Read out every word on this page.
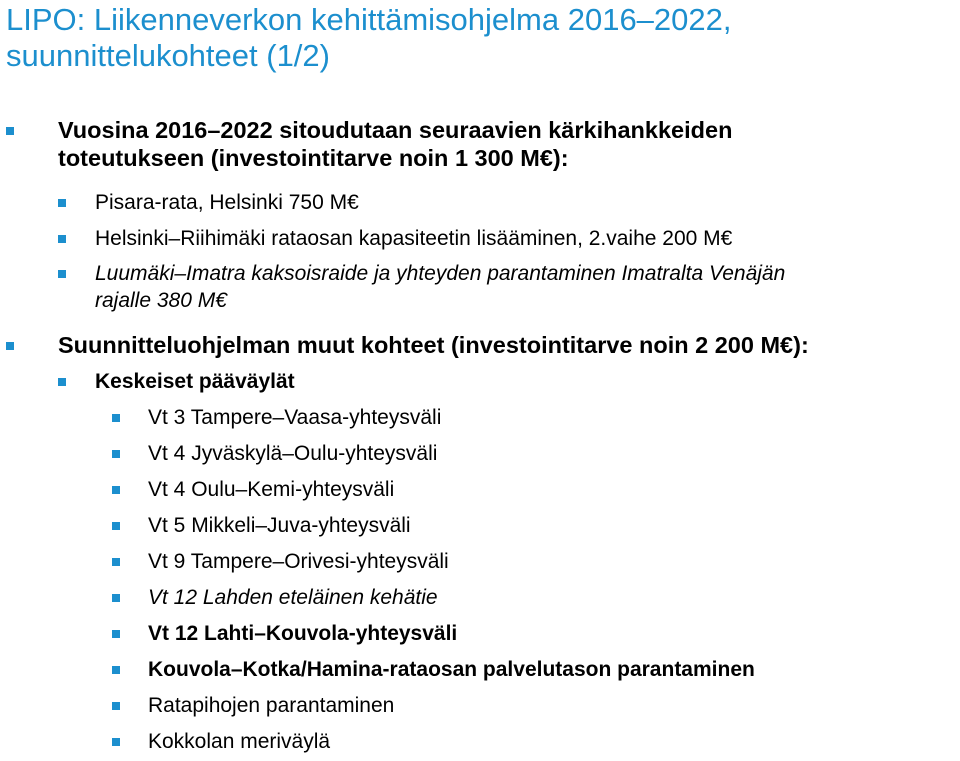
LIPO: Liikenneverkon kehittämisohjelma 2016–2022,
suunnittelukohteet (1/2)
Vuosina 2016–2022 sitoudutaan seuraavien kärkihankkeiden
toteutukseen (investointitarve noin 1 300 M€):
Pisara-rata, Helsinki 750 M€
Helsinki–Riihimäki rataosan kapasiteetin lisääminen, 2.vaihe 200 M€
Luumäki–Imatra kaksoisraide ja yhteyden parantaminen Imatralta Venäjän
rajalle 380 M€
Suunnitteluohjelman muut kohteet (investointitarve noin 2 200 M€):
Keskeiset pääväylät
Vt 3 Tampere–Vaasa-yhteysväli
Vt 4 Jyväskylä–Oulu-yhteysväli
Vt 4 Oulu–Kemi-yhteysväli
Vt 5 Mikkeli–Juva-yhteysväli
Vt 9 Tampere–Orivesi-yhteysväli
Vt 12 Lahden eteläinen kehätie
Vt 12 Lahti–Kouvola-yhteysväli
Kouvola–Kotka/Hamina-rataosan palvelutason parantaminen
Ratapihojen parantaminen
Kokkolan meriväylä
